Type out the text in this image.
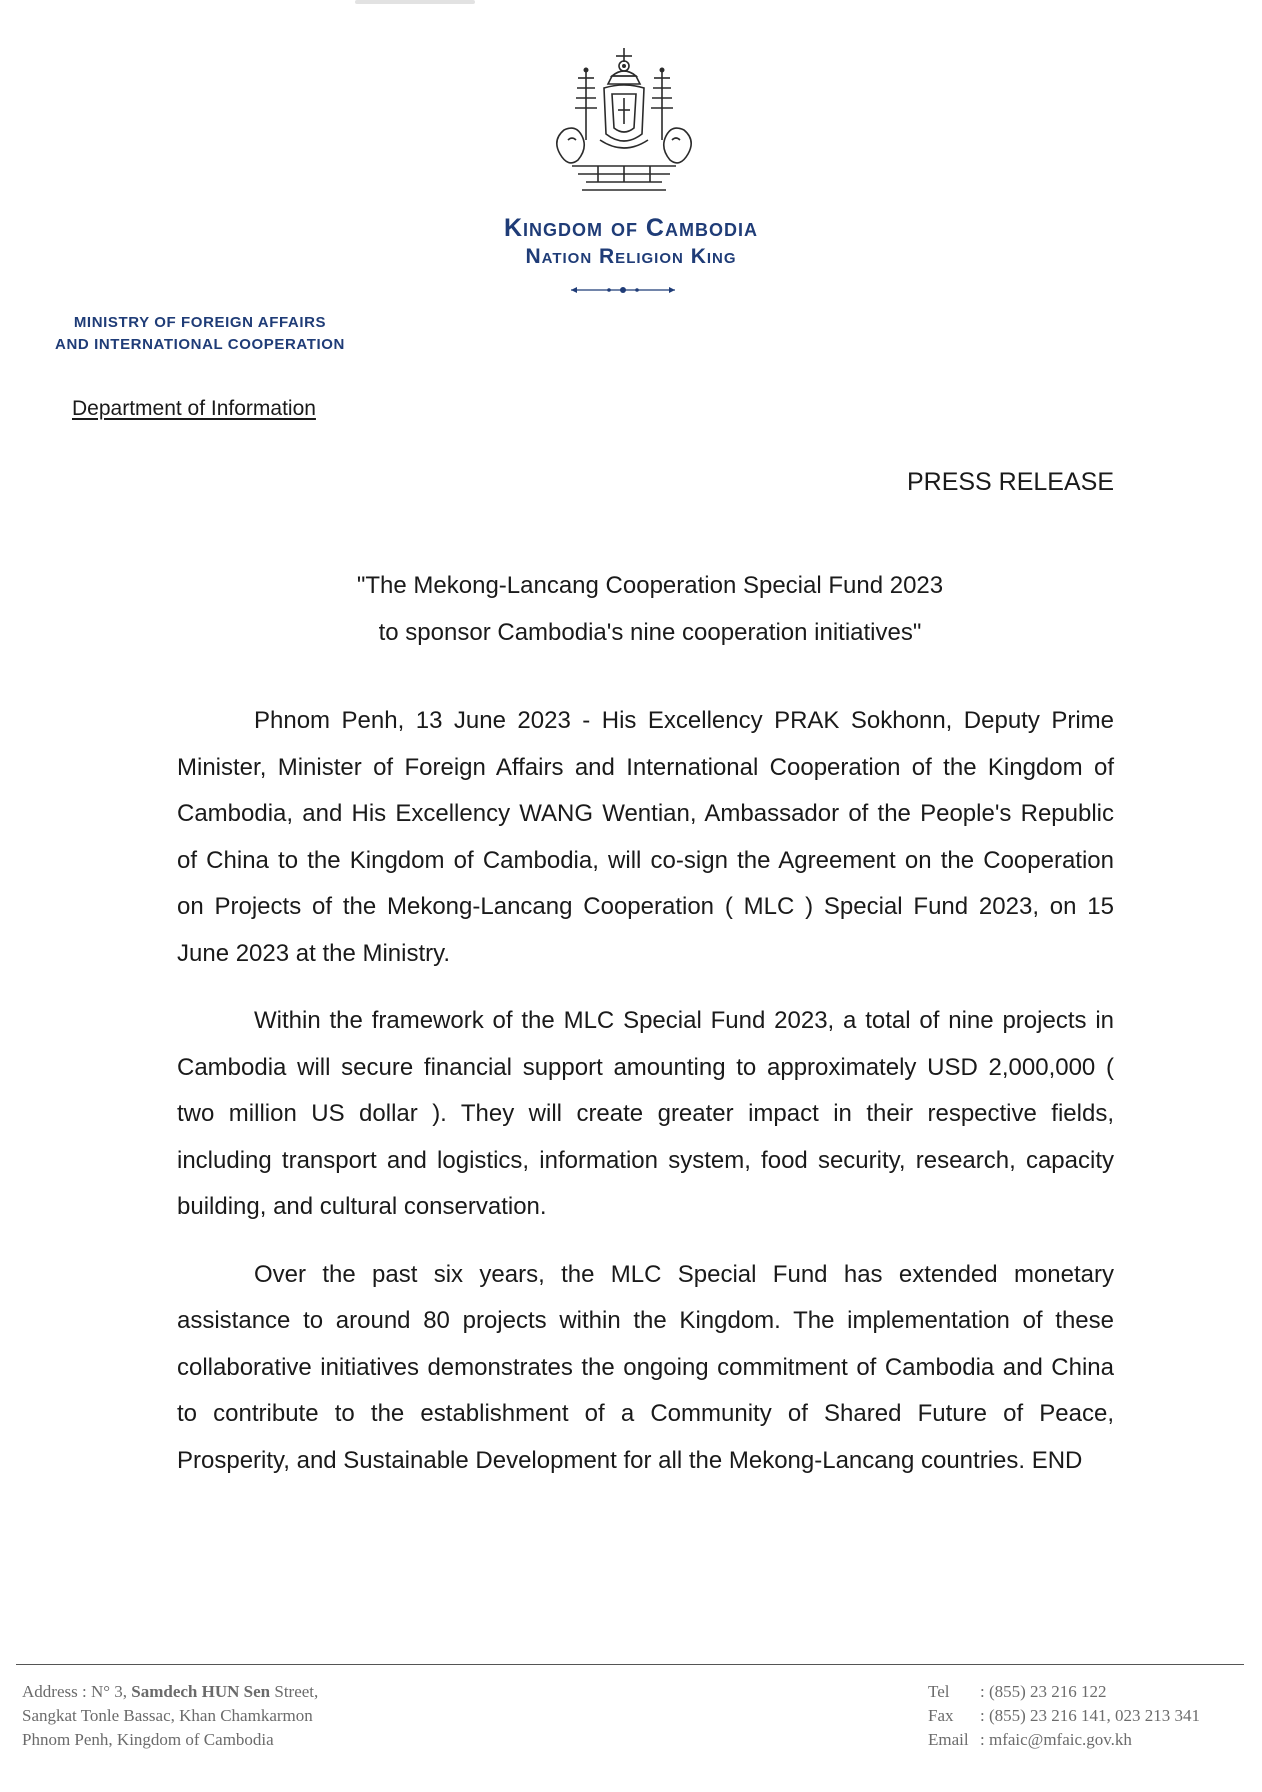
Kingdom of Cambodia
Nation Religion King
MINISTRY OF FOREIGN AFFAIRS
AND INTERNATIONAL COOPERATION
Department of Information
PRESS RELEASE
"The Mekong-Lancang Cooperation Special Fund 2023
to sponsor Cambodia's nine cooperation initiatives"

Phnom Penh, 13 June 2023 - His Excellency PRAK Sokhonn, Deputy Prime Minister, Minister of Foreign Affairs and International Cooperation of the Kingdom of Cambodia, and His Excellency WANG Wentian, Ambassador of the People's Republic of China to the Kingdom of Cambodia, will co-sign the Agreement on the Cooperation on Projects of the Mekong-Lancang Cooperation ( MLC ) Special Fund 2023, on 15 June 2023 at the Ministry.

Within the framework of the MLC Special Fund 2023, a total of nine projects in Cambodia will secure financial support amounting to approximately USD 2,000,000 ( two million US dollar ). They will create greater impact in their respective fields, including transport and logistics, information system, food security, research, capacity building, and cultural conservation.

Over the past six years, the MLC Special Fund has extended monetary assistance to around 80 projects within the Kingdom. The implementation of these collaborative initiatives demonstrates the ongoing commitment of Cambodia and China to contribute to the establishment of a Community of Shared Future of Peace, Prosperity, and Sustainable Development for all the Mekong-Lancang countries. END

Address : N° 3, Samdech HUN Sen Street,
Sangkat Tonle Bassac, Khan Chamkarmon
Phnom Penh, Kingdom of Cambodia
Tel	: (855) 23 216 122
Fax	: (855) 23 216 141, 023 213 341
Email : mfaic@mfaic.gov.kh
